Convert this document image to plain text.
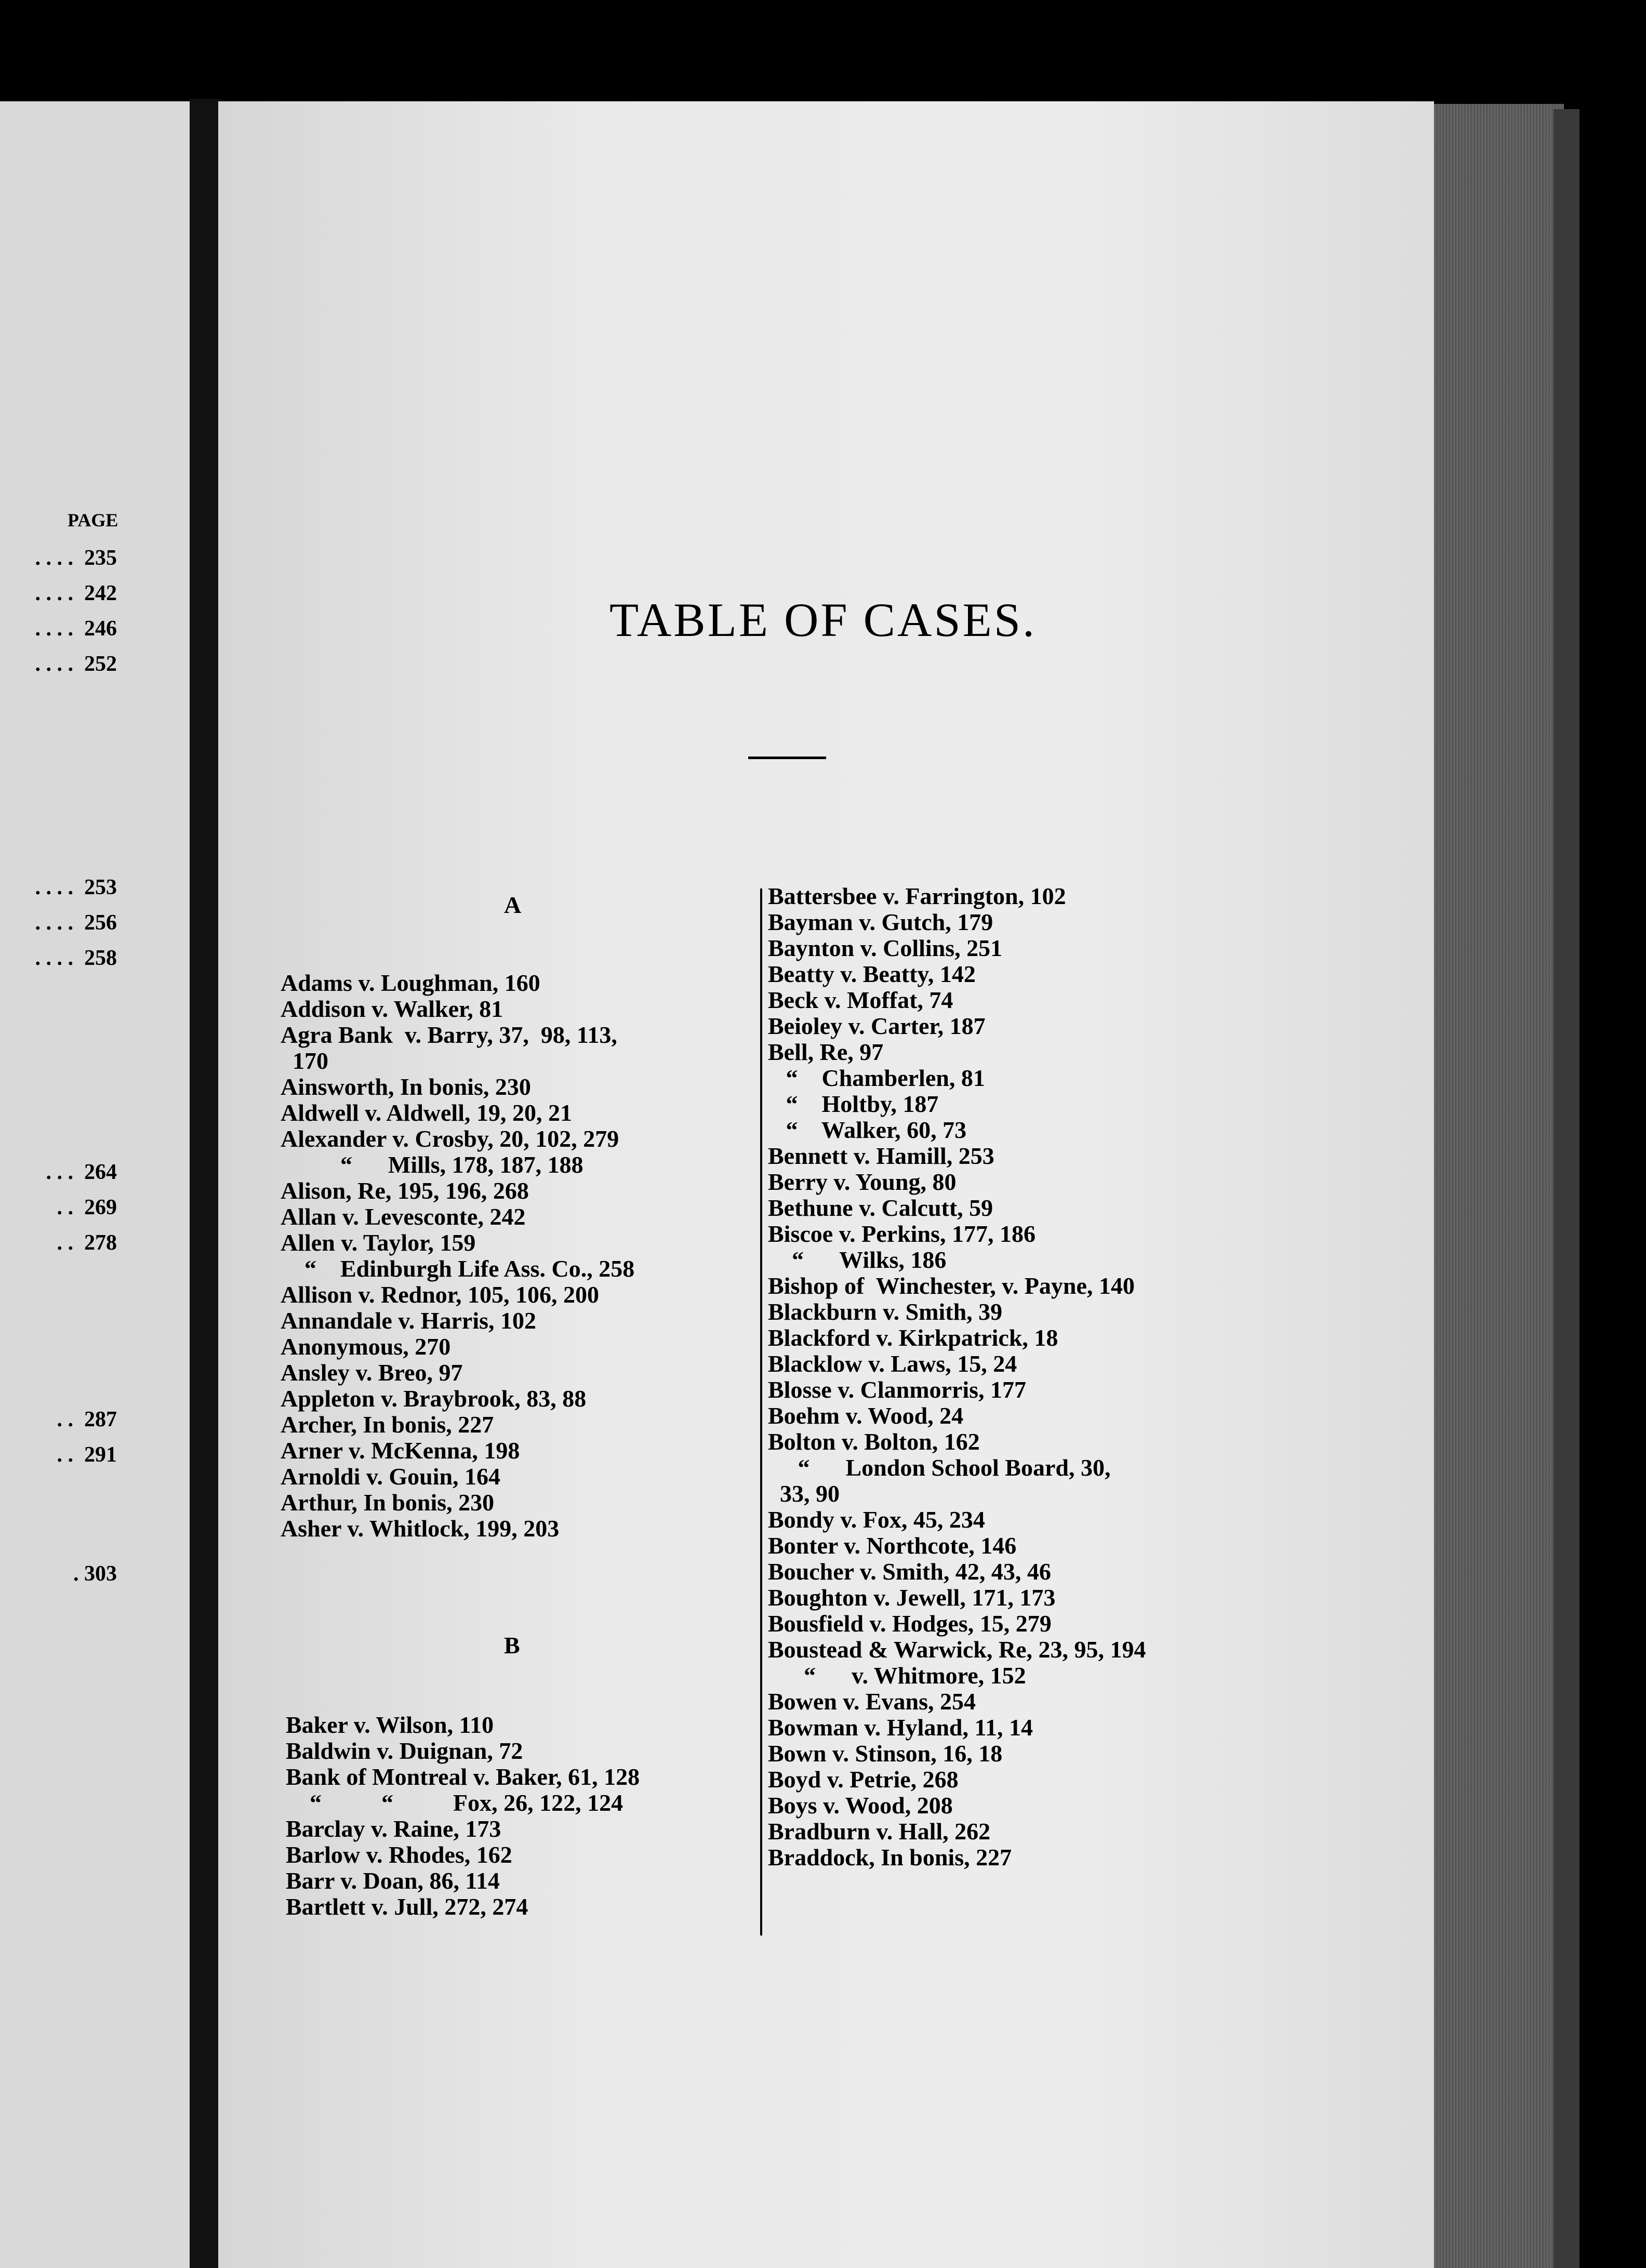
PAGE
. . . .  235
. . . .  242
. . . .  246
. . . .  252
. . . .  253
. . . .  256
. . . .  258
. . .  264
. .  269
. .  278
. .  287
. .  291
. 303
TABLE OF CASES.
A
B
Adams v. Loughman, 160
Addison v. Walker, 81
Agra Bank  v. Barry, 37,  98, 113,
170
Ainsworth, In bonis, 230
Aldwell v. Aldwell, 19, 20, 21
Alexander v. Crosby, 20, 102, 279
“      Mills, 178, 187, 188
Alison, Re, 195, 196, 268
Allan v. Levesconte, 242
Allen v. Taylor, 159
“    Edinburgh Life Ass. Co., 258
Allison v. Rednor, 105, 106, 200
Annandale v. Harris, 102
Anonymous, 270
Ansley v. Breo, 97
Appleton v. Braybrook, 83, 88
Archer, In bonis, 227
Arner v. McKenna, 198
Arnoldi v. Gouin, 164
Arthur, In bonis, 230
Asher v. Whitlock, 199, 203
Baker v. Wilson, 110
Baldwin v. Duignan, 72
Bank of Montreal v. Baker, 61, 128
“          “          Fox, 26, 122, 124
Barclay v. Raine, 173
Barlow v. Rhodes, 162
Barr v. Doan, 86, 114
Bartlett v. Jull, 272, 274
Battersbee v. Farrington, 102
Bayman v. Gutch, 179
Baynton v. Collins, 251
Beatty v. Beatty, 142
Beck v. Moffat, 74
Beioley v. Carter, 187
Bell, Re, 97
“    Chamberlen, 81
“    Holtby, 187
“    Walker, 60, 73
Bennett v. Hamill, 253
Berry v. Young, 80
Bethune v. Calcutt, 59
Biscoe v. Perkins, 177, 186
“      Wilks, 186
Bishop of  Winchester, v. Payne, 140
Blackburn v. Smith, 39
Blackford v. Kirkpatrick, 18
Blacklow v. Laws, 15, 24
Blosse v. Clanmorris, 177
Boehm v. Wood, 24
Bolton v. Bolton, 162
“      London School Board, 30,
33, 90
Bondy v. Fox, 45, 234
Bonter v. Northcote, 146
Boucher v. Smith, 42, 43, 46
Boughton v. Jewell, 171, 173
Bousfield v. Hodges, 15, 279
Boustead & Warwick, Re, 23, 95, 194
“      v. Whitmore, 152
Bowen v. Evans, 254
Bowman v. Hyland, 11, 14
Bown v. Stinson, 16, 18
Boyd v. Petrie, 268
Boys v. Wood, 208
Bradburn v. Hall, 262
Braddock, In bonis, 227
